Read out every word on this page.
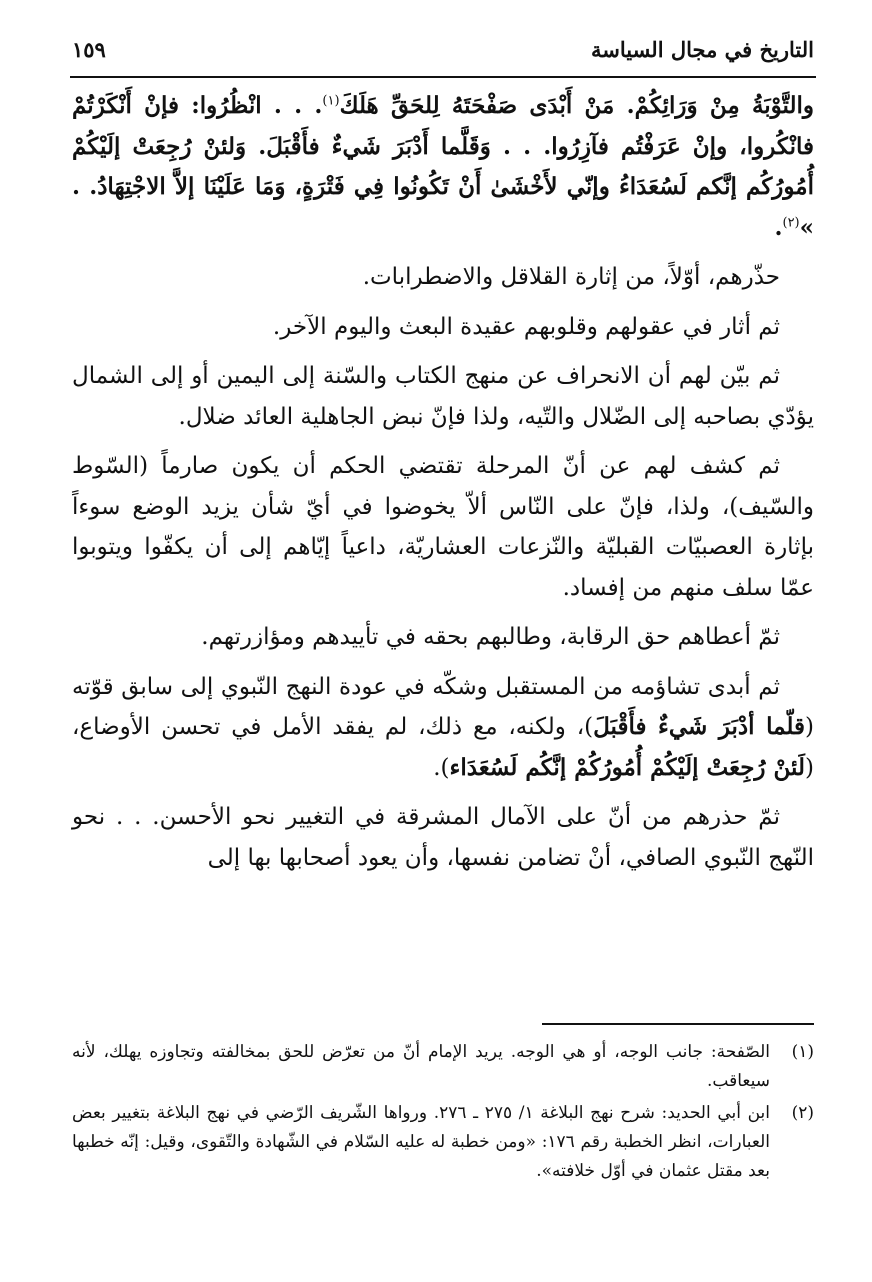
التاريخ في مجال السياسة
١٥٩

والتَّوْبَةُ مِنْ وَرَائِكُمْ. مَنْ أَبْدَى صَفْحَتَهُ لِلحَقِّ هَلَكَ$^{(١)}$. . . انْظُرُوا: فإنْ أَنْكَرْتُمْ فانْكُروا، وإنْ عَرَفْتُم فآزِرُوا. . . وَقَلَّما أَدْبَرَ شَيءٌ فأَقْبَلَ. وَلئنْ رُجِعَتْ إلَيْكُمْ أُمُورُكُم إنَّكم لَسُعَدَاءُ وإنّي لأَخْشَىٰ أَنْ تَكُونُوا فِي فَتْرَةٍ، وَمَا عَلَيْنَا إلاَّ الاجْتِهَادُ. . »$^{(٢)}$.

حذّرهم، أوّلاً، من إثارة القلاقل والاضطرابات.

ثم أثار في عقولهم وقلوبهم عقيدة البعث واليوم الآخر.

ثم بيّن لهم أن الانحراف عن منهج الكتاب والسّنة إلى اليمين أو إلى الشمال يؤدّي بصاحبه إلى الضّلال والتّيه، ولذا فإنّ نبض الجاهلية العائد ضلال.

ثم كشف لهم عن أنّ المرحلة تقتضي الحكم أن يكون صارماً (السّوط والسّيف)، ولذا، فإنّ على النّاس ألاّ يخوضوا في أيّ شأن يزيد الوضع سوءاً بإثارة العصبيّات القبليّة والنّزعات العشاريّة، داعياً إيّاهم إلى أن يكفّوا ويتوبوا عمّا سلف منهم من إفساد.

ثمّ أعطاهم حق الرقابة، وطالبهم بحقه في تأييدهم ومؤازرتهم.

ثم أبدى تشاؤمه من المستقبل وشكّه في عودة النهج النّبوي إلى سابق قوّته (قلّما أدْبَرَ شَيءٌ فأَقْبَلَ)، ولكنه، مع ذلك، لم يفقد الأمل في تحسن الأوضاع، (لَئنْ رُجِعَتْ إلَيْكُمْ أُمُورُكُمْ إنَّكُم لَسُعَدَاء).

ثمّ حذرهم من أنّ على الآمال المشرقة في التغيير نحو الأحسن. . . نحو النّهج النّبوي الصافي، أنْ تضامن نفسها، وأن يعود أصحابها بها إلى

(١)
الصّفحة: جانب الوجه، أو هي الوجه. يريد الإمام أنّ من تعرّض للحق بمخالفته وتجاوزه يهلك، لأنه سيعاقب.
(٢)
ابن أبي الحديد: شرح نهج البلاغة ١/ ٢٧٥ ـ ٢٧٦. ورواها الشّريف الرّضي في نهج البلاغة بتغيير بعض العبارات، انظر الخطبة رقم ١٧٦: «ومن خطبة له عليه السّلام في الشّهادة والتّقوى، وقيل: إنّه خطبها بعد مقتل عثمان في أوّل خلافته».
